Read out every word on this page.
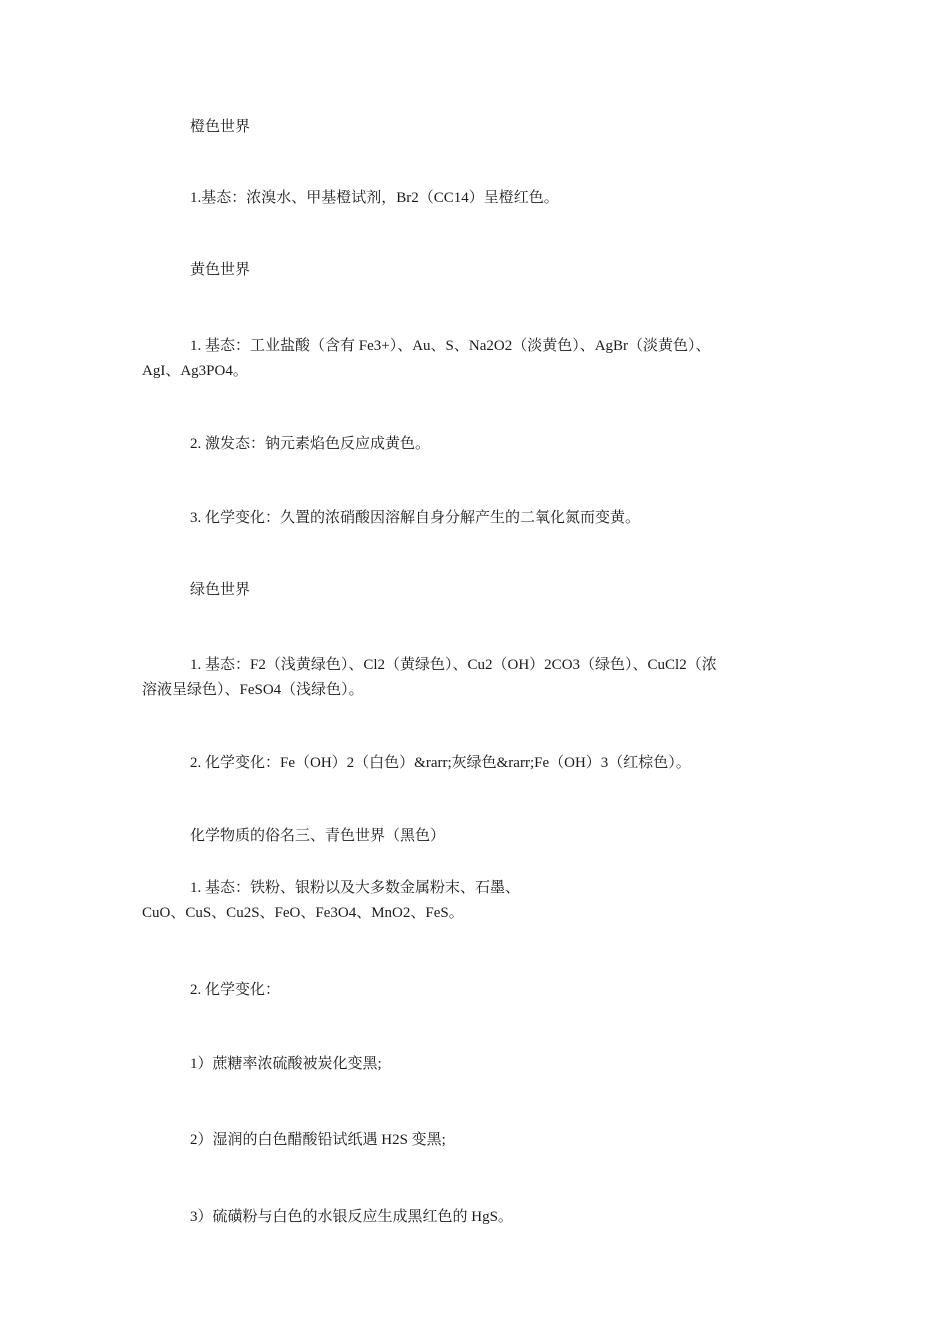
橙色世界

1.基态：浓溴水、甲基橙试剂，Br2（CC14）呈橙红色。

黄色世界

1. 基态：工业盐酸（含有 Fe3+）、Au、S、Na2O2（淡黄色）、AgBr（淡黄色）、

AgI、Ag3PO4。

2. 激发态：钠元素焰色反应成黄色。

3. 化学变化：久置的浓硝酸因溶解自身分解产生的二氧化氮而变黄。

绿色世界

1. 基态：F2（浅黄绿色）、Cl2（黄绿色）、Cu2（OH）2CO3（绿色）、CuCl2（浓

溶液呈绿色）、FeSO4（浅绿色）。

2. 化学变化：Fe（OH）2（白色）&rarr;灰绿色&rarr;Fe（OH）3（红棕色）。

化学物质的俗名三、青色世界（黑色）

1. 基态：铁粉、银粉以及大多数金属粉末、石墨、

CuO、CuS、Cu2S、FeO、Fe3O4、MnO2、FeS。

2. 化学变化：

1）蔗糖率浓硫酸被炭化变黑;

2）湿润的白色醋酸铅试纸遇 H2S 变黑;

3）硫磺粉与白色的水银反应生成黑红色的 HgS。
